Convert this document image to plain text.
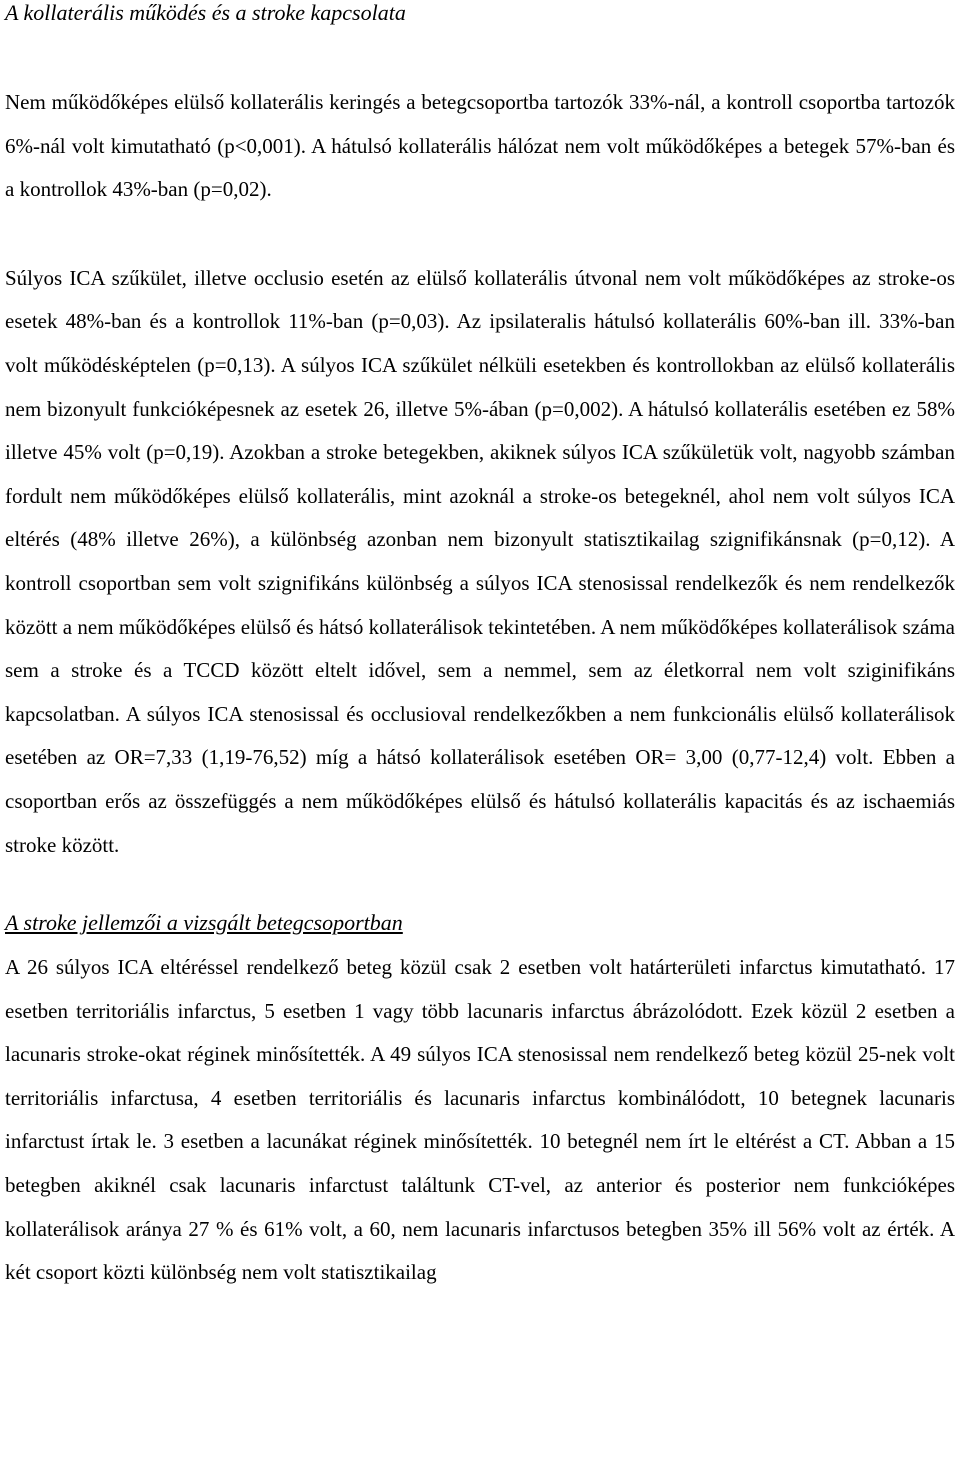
A kollaterális működés és a stroke kapcsolata

Nem működőképes elülső kollaterális keringés a betegcsoportba tartozók 33%-nál, a kontroll csoportba tartozók 6%-nál volt kimutatható (p<0,001). A hátulsó kollaterális hálózat nem volt működőképes a betegek 57%-ban és a kontrollok 43%-ban (p=0,02).

Súlyos ICA szűkület, illetve occlusio esetén az elülső kollaterális útvonal nem volt működőképes az stroke-os esetek 48%-ban és a kontrollok 11%-ban (p=0,03). Az ipsilateralis hátulsó kollaterális 60%-ban ill. 33%-ban volt működésképtelen (p=0,13). A súlyos ICA szűkület nélküli esetekben és kontrollokban az elülső kollaterális nem bizonyult funkcióképesnek az esetek 26, illetve 5%-ában (p=0,002). A hátulsó kollaterális esetében ez 58% illetve 45% volt (p=0,19). Azokban a stroke betegekben, akiknek súlyos ICA szűkületük volt, nagyobb számban fordult nem működőképes elülső kollaterális, mint azoknál a stroke-os betegeknél, ahol nem volt súlyos ICA eltérés (48% illetve 26%), a különbség azonban nem bizonyult statisztikailag szignifikánsnak (p=0,12). A kontroll csoportban sem volt szignifikáns különbség a súlyos ICA stenosissal rendelkezők és nem rendelkezők között a nem működőképes elülső és hátsó kollaterálisok tekintetében. A nem működőképes kollaterálisok száma sem a stroke és a TCCD között eltelt idővel, sem a nemmel, sem az életkorral nem volt sziginifikáns kapcsolatban. A súlyos ICA stenosissal és occlusioval rendelkezőkben a nem funkcionális elülső kollaterálisok esetében az OR=7,33 (1,19-76,52) míg a hátsó kollaterálisok esetében OR= 3,00 (0,77-12,4) volt. Ebben a csoportban erős az összefüggés a nem működőképes elülső és hátulsó kollaterális kapacitás és az ischaemiás stroke között.

A stroke jellemzői a vizsgált betegcsoportban

A 26 súlyos ICA eltéréssel rendelkező beteg közül csak 2 esetben volt határterületi infarctus kimutatható. 17 esetben territoriális infarctus, 5 esetben 1 vagy több lacunaris infarctus ábrázolódott. Ezek közül 2 esetben a lacunaris stroke-okat réginek minősítették. A 49 súlyos ICA stenosissal nem rendelkező beteg közül 25-nek volt territoriális infarctusa, 4 esetben territoriális és lacunaris infarctus kombinálódott, 10 betegnek lacunaris infarctust írtak le. 3 esetben a lacunákat réginek minősítették. 10 betegnél nem írt le eltérést a CT. Abban a 15 betegben akiknél csak lacunaris infarctust találtunk CT-vel, az anterior és posterior nem funkcióképes kollaterálisok aránya 27 % és 61% volt, a 60, nem lacunaris infarctusos betegben 35% ill 56% volt az érték. A két csoport közti különbség nem volt statisztikailag
